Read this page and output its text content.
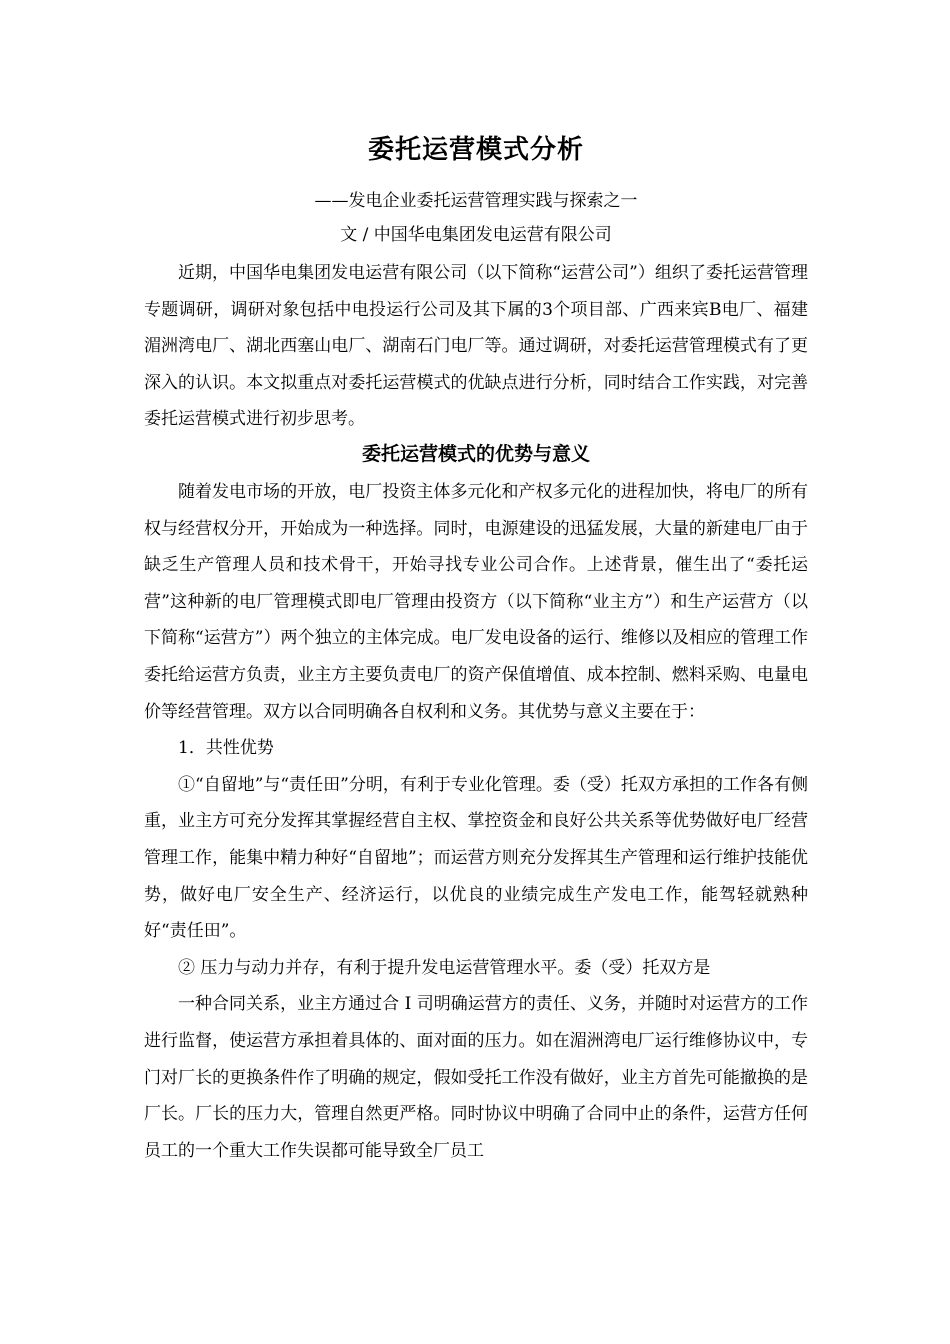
委托运营模式分析
——发电企业委托运营管理实践与探索之一
文 / 中国华电集团发电运营有限公司

近期，中国华电集团发电运营有限公司（以下简称“运营公司”）组织了委托运营管理专题调研，调研对象包括中电投运行公司及其下属的3个项目部、广西来宾B电厂、福建湄洲湾电厂、湖北西塞山电厂、湖南石门电厂等。通过调研，对委托运营管理模式有了更深入的认识。本文拟重点对委托运营模式的优缺点进行分析，同时结合工作实践，对完善委托运营模式进行初步思考。

委托运营模式的优势与意义

随着发电市场的开放，电厂投资主体多元化和产权多元化的进程加快，将电厂的所有权与经营权分开，开始成为一种选择。同时，电源建设的迅猛发展，大量的新建电厂由于缺乏生产管理人员和技术骨干，开始寻找专业公司合作。上述背景，催生出了“委托运营”这种新的电厂管理模式即电厂管理由投资方（以下简称“业主方”）和生产运营方（以下简称“运营方”）两个独立的主体完成。电厂发电设备的运行、维修以及相应的管理工作委托给运营方负责，业主方主要负责电厂的资产保值增值、成本控制、燃料采购、电量电价等经营管理。双方以合同明确各自权利和义务。其优势与意义主要在于：

1．共性优势

①“自留地”与“责任田”分明，有利于专业化管理。委（受）托双方承担的工作各有侧重，业主方可充分发挥其掌握经营自主权、掌控资金和良好公共关系等优势做好电厂经营管理工作，能集中精力种好“自留地”；而运营方则充分发挥其生产管理和运行维护技能优势，做好电厂安全生产、经济运行，以优良的业绩完成生产发电工作，能驾轻就熟种好“责任田”。

② 压力与动力并存，有利于提升发电运营管理水平。委（受）托双方是

一种合同关系，业主方通过合 I 司明确运营方的责任、义务，并随时对运营方的工作进行监督，使运营方承担着具体的、面对面的压力。如在湄洲湾电厂运行维修协议中，专门对厂长的更换条件作了明确的规定，假如受托工作没有做好，业主方首先可能撤换的是厂长。厂长的压力大，管理自然更严格。同时协议中明确了合同中止的条件，运营方任何员工的一个重大工作失误都可能导致全厂员工
